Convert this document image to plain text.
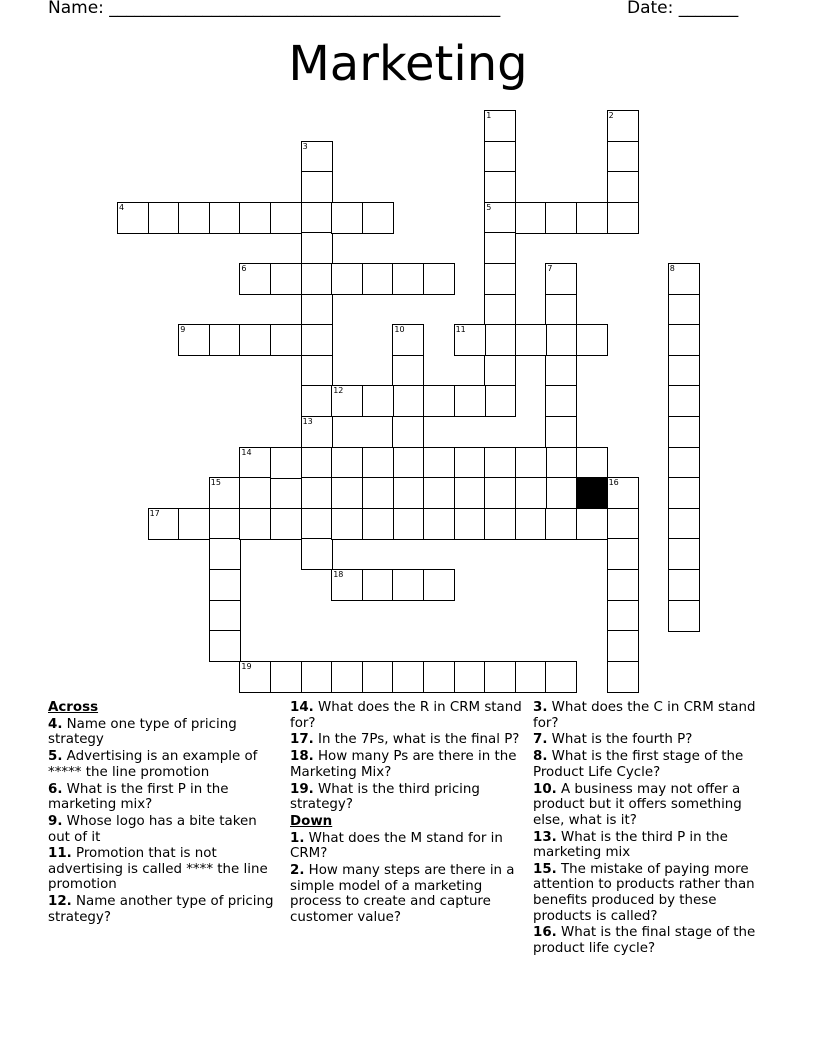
Name: ______________________________________________	Date: _______
Marketing
1
5
2
3
4
6	7	8
9	10	11
12
13
14
15	16
17
18
19

Across

4. Name one type of pricing strategy

5. Advertising is an example of ***** the line promotion

6. What is the first P in the marketing mix?

9. Whose logo has a bite taken out of it

11. Promotion that is not advertising is called **** the line promotion

12. Name another type of pricing strategy?

14. What does the R in CRM stand for?

17. In the 7Ps, what is the final P?

18. How many Ps are there in the Marketing Mix?

19. What is the third pricing strategy?

Down

1. What does the M stand for in CRM?

2. How many steps are there in a simple model of a marketing process to create and capture customer value?

3. What does the C in CRM stand for?

7. What is the fourth P?

8. What is the first stage of the Product Life Cycle?

10. A business may not offer a product but it offers something else, what is it?

13. What is the third P in the marketing mix

15. The mistake of paying more attention to products rather than benefits produced by these products is called?

16. What is the final stage of the product life cycle?
